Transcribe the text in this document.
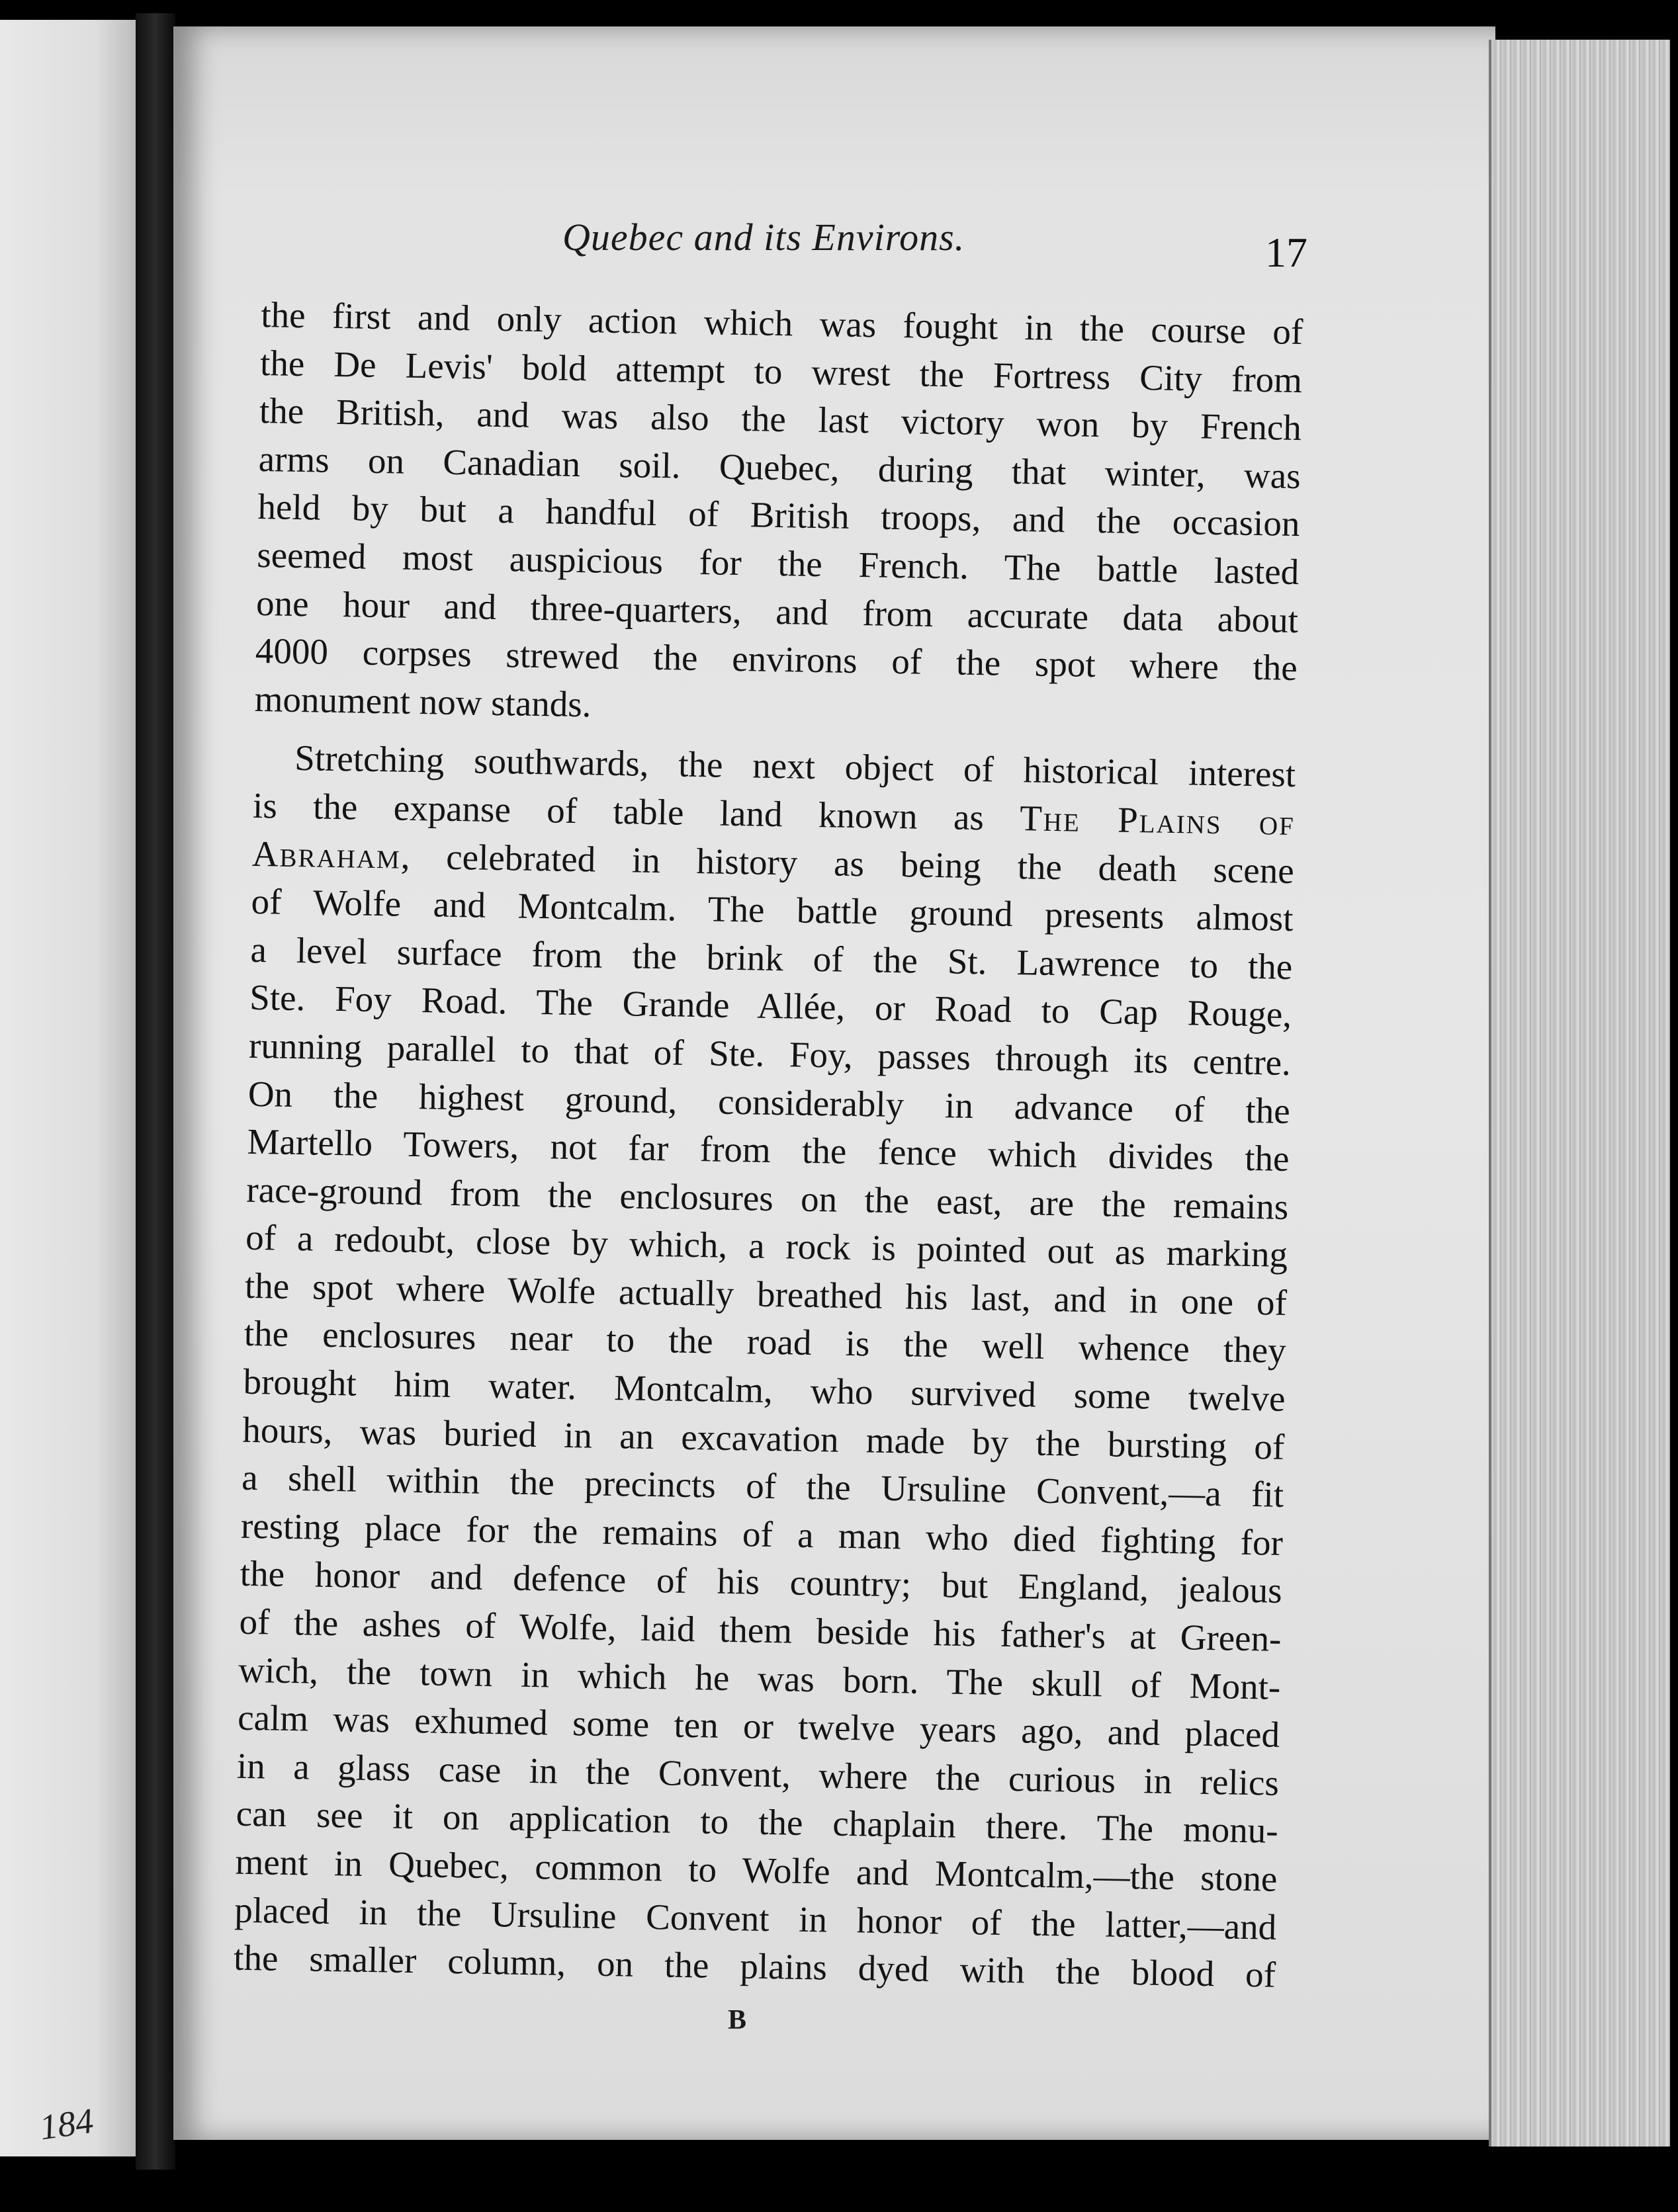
184
Quebec and its Environs.	17
the first and only action which was fought in the course of
the De Levis' bold attempt to wrest the Fortress City from
the British, and was also the last victory won by French
arms on Canadian soil. Quebec, during that winter, was
held by but a handful of British troops, and the occasion
seemed most auspicious for the French. The battle lasted
one hour and three-quarters, and from accurate data about
4000 corpses strewed the environs of the spot where the
monument now stands.
Stretching southwards, the next object of historical interest
is the expanse of table land known as The Plains of
Abraham, celebrated in history as being the death scene
of Wolfe and Montcalm. The battle ground presents almost
a level surface from the brink of the St. Lawrence to the
Ste. Foy Road. The Grande Allée, or Road to Cap Rouge,
running parallel to that of Ste. Foy, passes through its centre.
On the highest ground, considerably in advance of the
Martello Towers, not far from the fence which divides the
race-ground from the enclosures on the east, are the remains
of a redoubt, close by which, a rock is pointed out as marking
the spot where Wolfe actually breathed his last, and in one of
the enclosures near to the road is the well whence they
brought him water. Montcalm, who survived some twelve
hours, was buried in an excavation made by the bursting of
a shell within the precincts of the Ursuline Convent,—a fit
resting place for the remains of a man who died fighting for
the honor and defence of his country; but England, jealous
of the ashes of Wolfe, laid them beside his father's at Green-
wich, the town in which he was born. The skull of Mont-
calm was exhumed some ten or twelve years ago, and placed
in a glass case in the Convent, where the curious in relics
can see it on application to the chaplain there. The monu-
ment in Quebec, common to Wolfe and Montcalm,—the stone
placed in the Ursuline Convent in honor of the latter,—and
the smaller column, on the plains dyed with the blood of
B
